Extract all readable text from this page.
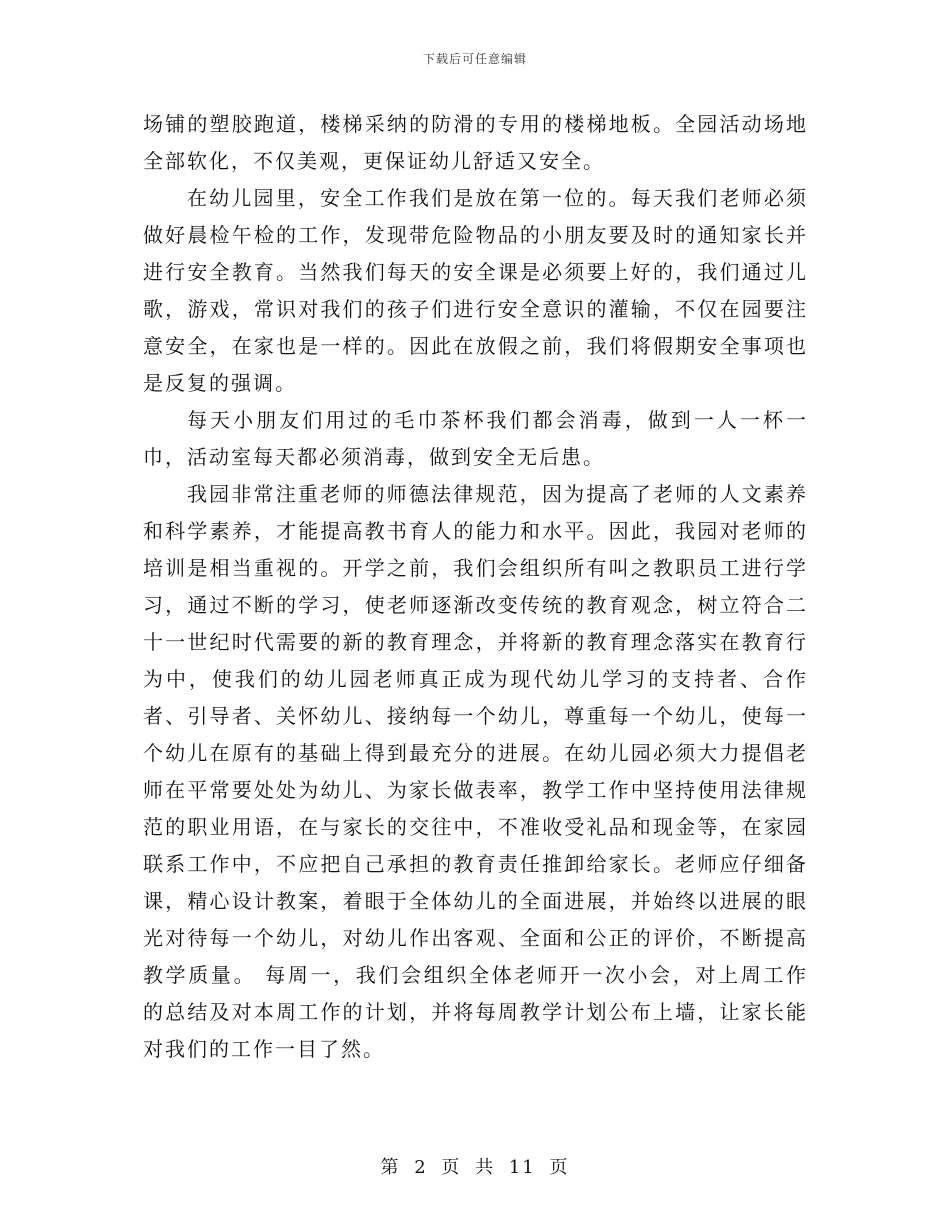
下载后可任意编辑

场铺的塑胶跑道，楼梯采纳的防滑的专用的楼梯地板。全园活动场地全部软化，不仅美观，更保证幼儿舒适又安全。

在幼儿园里，安全工作我们是放在第一位的。每天我们老师必须做好晨检午检的工作，发现带危险物品的小朋友要及时的通知家长并进行安全教育。当然我们每天的安全课是必须要上好的，我们通过儿歌，游戏，常识对我们的孩子们进行安全意识的灌输，不仅在园要注意安全，在家也是一样的。因此在放假之前，我们将假期安全事项也是反复的强调。

每天小朋友们用过的毛巾茶杯我们都会消毒，做到一人一杯一巾，活动室每天都必须消毒，做到安全无后患。

我园非常注重老师的师德法律规范，因为提高了老师的人文素养和科学素养，才能提高教书育人的能力和水平。因此，我园对老师的培训是相当重视的。开学之前，我们会组织所有叫之教职员工进行学习，通过不断的学习，使老师逐渐改变传统的教育观念，树立符合二十一世纪时代需要的新的教育理念，并将新的教育理念落实在教育行为中，使我们的幼儿园老师真正成为现代幼儿学习的支持者、合作者、引导者、关怀幼儿、接纳每一个幼儿，尊重每一个幼儿，使每一个幼儿在原有的基础上得到最充分的进展。在幼儿园必须大力提倡老师在平常要处处为幼儿、为家长做表率，教学工作中坚持使用法律规范的职业用语，在与家长的交往中，不准收受礼品和现金等，在家园联系工作中，不应把自己承担的教育责任推卸给家长。老师应仔细备课，精心设计教案，着眼于全体幼儿的全面进展，并始终以进展的眼光对待每一个幼儿，对幼儿作出客观、全面和公正的评价，不断提高教学质量。 每周一，我们会组织全体老师开一次小会，对上周工作的总结及对本周工作的计划，并将每周教学计划公布上墙，让家长能对我们的工作一目了然。

第 2 页 共 11 页
